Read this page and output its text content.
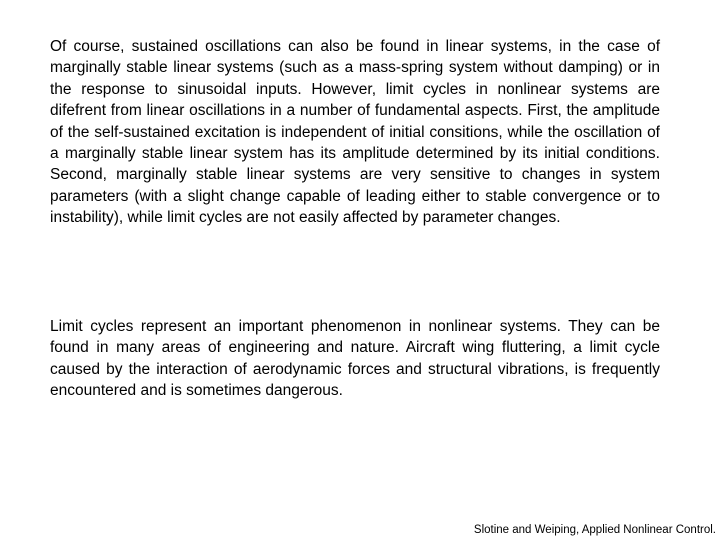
Of course, sustained oscillations can also be found in linear systems, in the case of marginally stable linear systems (such as a mass-spring system without damping) or in the response to sinusoidal inputs. However, limit cycles in nonlinear systems are difefrent from linear oscillations in a number of fundamental aspects. First, the amplitude of the self-sustained excitation is independent of initial consitions, while the oscillation of a marginally stable linear system has its amplitude determined by its initial conditions. Second, marginally stable linear systems are very sensitive to changes in system parameters (with a slight change capable of leading either to stable convergence or to instability), while limit cycles are not easily affected by parameter changes.

Limit cycles represent an important phenomenon in nonlinear systems. They can be found in many areas of engineering and nature. Aircraft wing fluttering, a limit cycle caused by the interaction of aerodynamic forces and structural vibrations, is frequently encountered and is sometimes dangerous.

Slotine and Weiping, Applied Nonlinear Control.
